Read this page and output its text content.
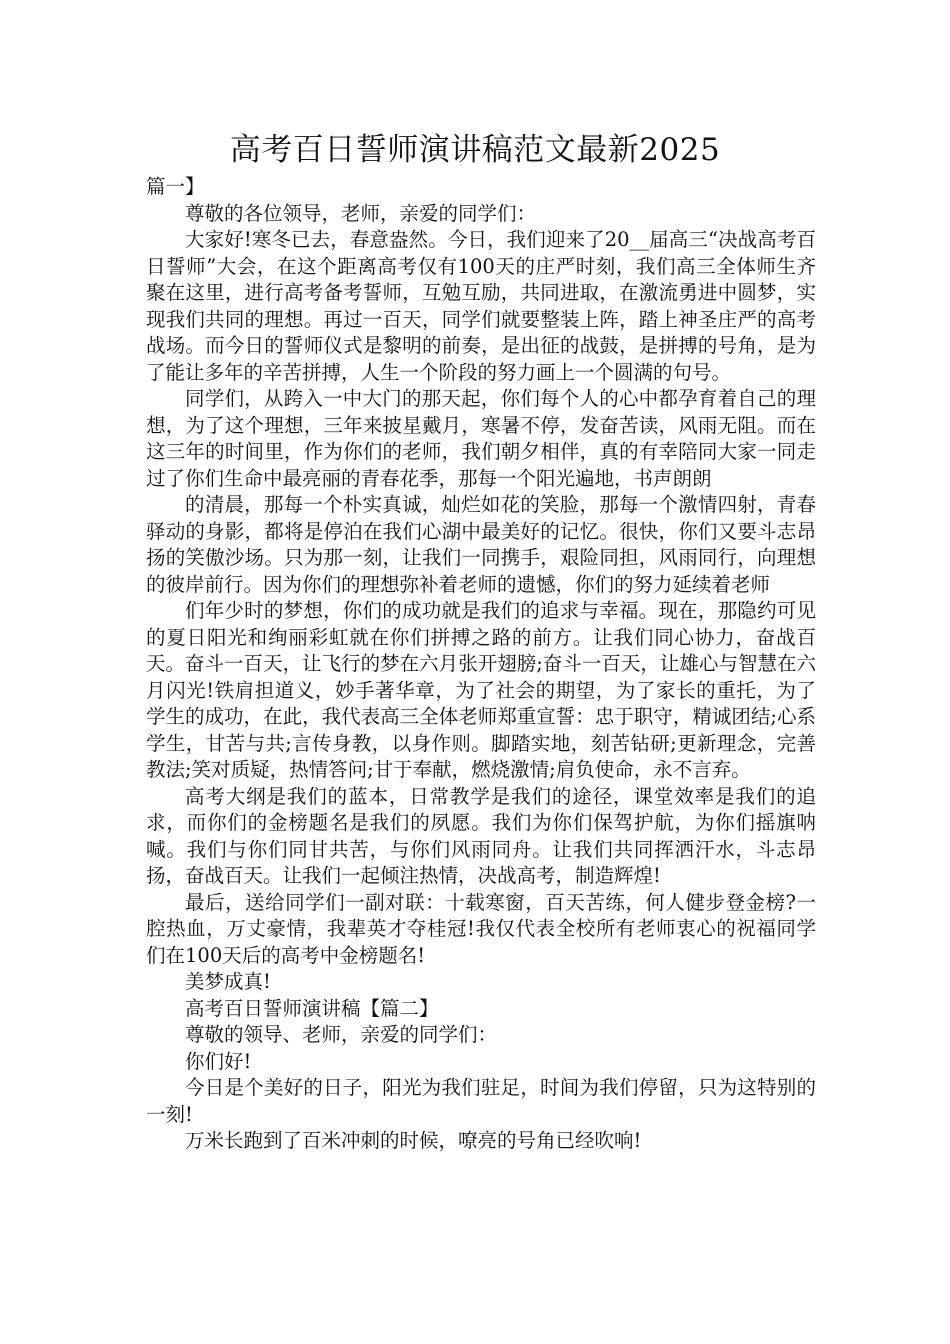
高考百日誓师演讲稿范文最新2025

篇一】

尊敬的各位领导，老师，亲爱的同学们：

大家好!寒冬已去，春意盎然。今日，我们迎来了20__届高三“决战高考百日誓师”大会，在这个距离高考仅有100天的庄严时刻，我们高三全体师生齐聚在这里，进行高考备考誓师，互勉互励，共同进取，在激流勇进中圆梦，实现我们共同的理想。再过一百天，同学们就要整装上阵，踏上神圣庄严的高考战场。而今日的誓师仪式是黎明的前奏，是出征的战鼓，是拼搏的号角，是为了能让多年的辛苦拼搏，人生一个阶段的努力画上一个圆满的句号。

同学们，从跨入一中大门的那天起，你们每个人的心中都孕育着自己的理想，为了这个理想，三年来披星戴月，寒暑不停，发奋苦读，风雨无阻。而在这三年的时间里，作为你们的老师，我们朝夕相伴，真的有幸陪同大家一同走过了你们生命中最亮丽的青春花季，那每一个阳光遍地，书声朗朗

的清晨，那每一个朴实真诚，灿烂如花的笑脸，那每一个激情四射，青春驿动的身影，都将是停泊在我们心湖中最美好的记忆。很快，你们又要斗志昂扬的笑傲沙场。只为那一刻，让我们一同携手，艰险同担，风雨同行，向理想的彼岸前行。因为你们的理想弥补着老师的遗憾，你们的努力延续着老师

们年少时的梦想，你们的成功就是我们的追求与幸福。现在，那隐约可见的夏日阳光和绚丽彩虹就在你们拼搏之路的前方。让我们同心协力，奋战百天。奋斗一百天，让飞行的梦在六月张开翅膀;奋斗一百天，让雄心与智慧在六月闪光!铁肩担道义，妙手著华章，为了社会的期望，为了家长的重托，为了学生的成功，在此，我代表高三全体老师郑重宣誓：忠于职守，精诚团结;心系学生，甘苦与共;言传身教，以身作则。脚踏实地，刻苦钻研;更新理念，完善教法;笑对质疑，热情答问;甘于奉献，燃烧激情;肩负使命，永不言弃。

高考大纲是我们的蓝本，日常教学是我们的途径，课堂效率是我们的追求，而你们的金榜题名是我们的夙愿。我们为你们保驾护航，为你们摇旗呐喊。我们与你们同甘共苦，与你们风雨同舟。让我们共同挥洒汗水，斗志昂扬，奋战百天。让我们一起倾注热情，决战高考，制造辉煌!

最后，送给同学们一副对联：十载寒窗，百天苦练，何人健步登金榜?一腔热血，万丈豪情，我辈英才夺桂冠!我仅代表全校所有老师衷心的祝福同学们在100天后的高考中金榜题名!

美梦成真!

高考百日誓师演讲稿【篇二】

尊敬的领导、老师，亲爱的同学们：

你们好!

今日是个美好的日子，阳光为我们驻足，时间为我们停留，只为这特别的一刻!

万米长跑到了百米冲刺的时候，嘹亮的号角已经吹响!
